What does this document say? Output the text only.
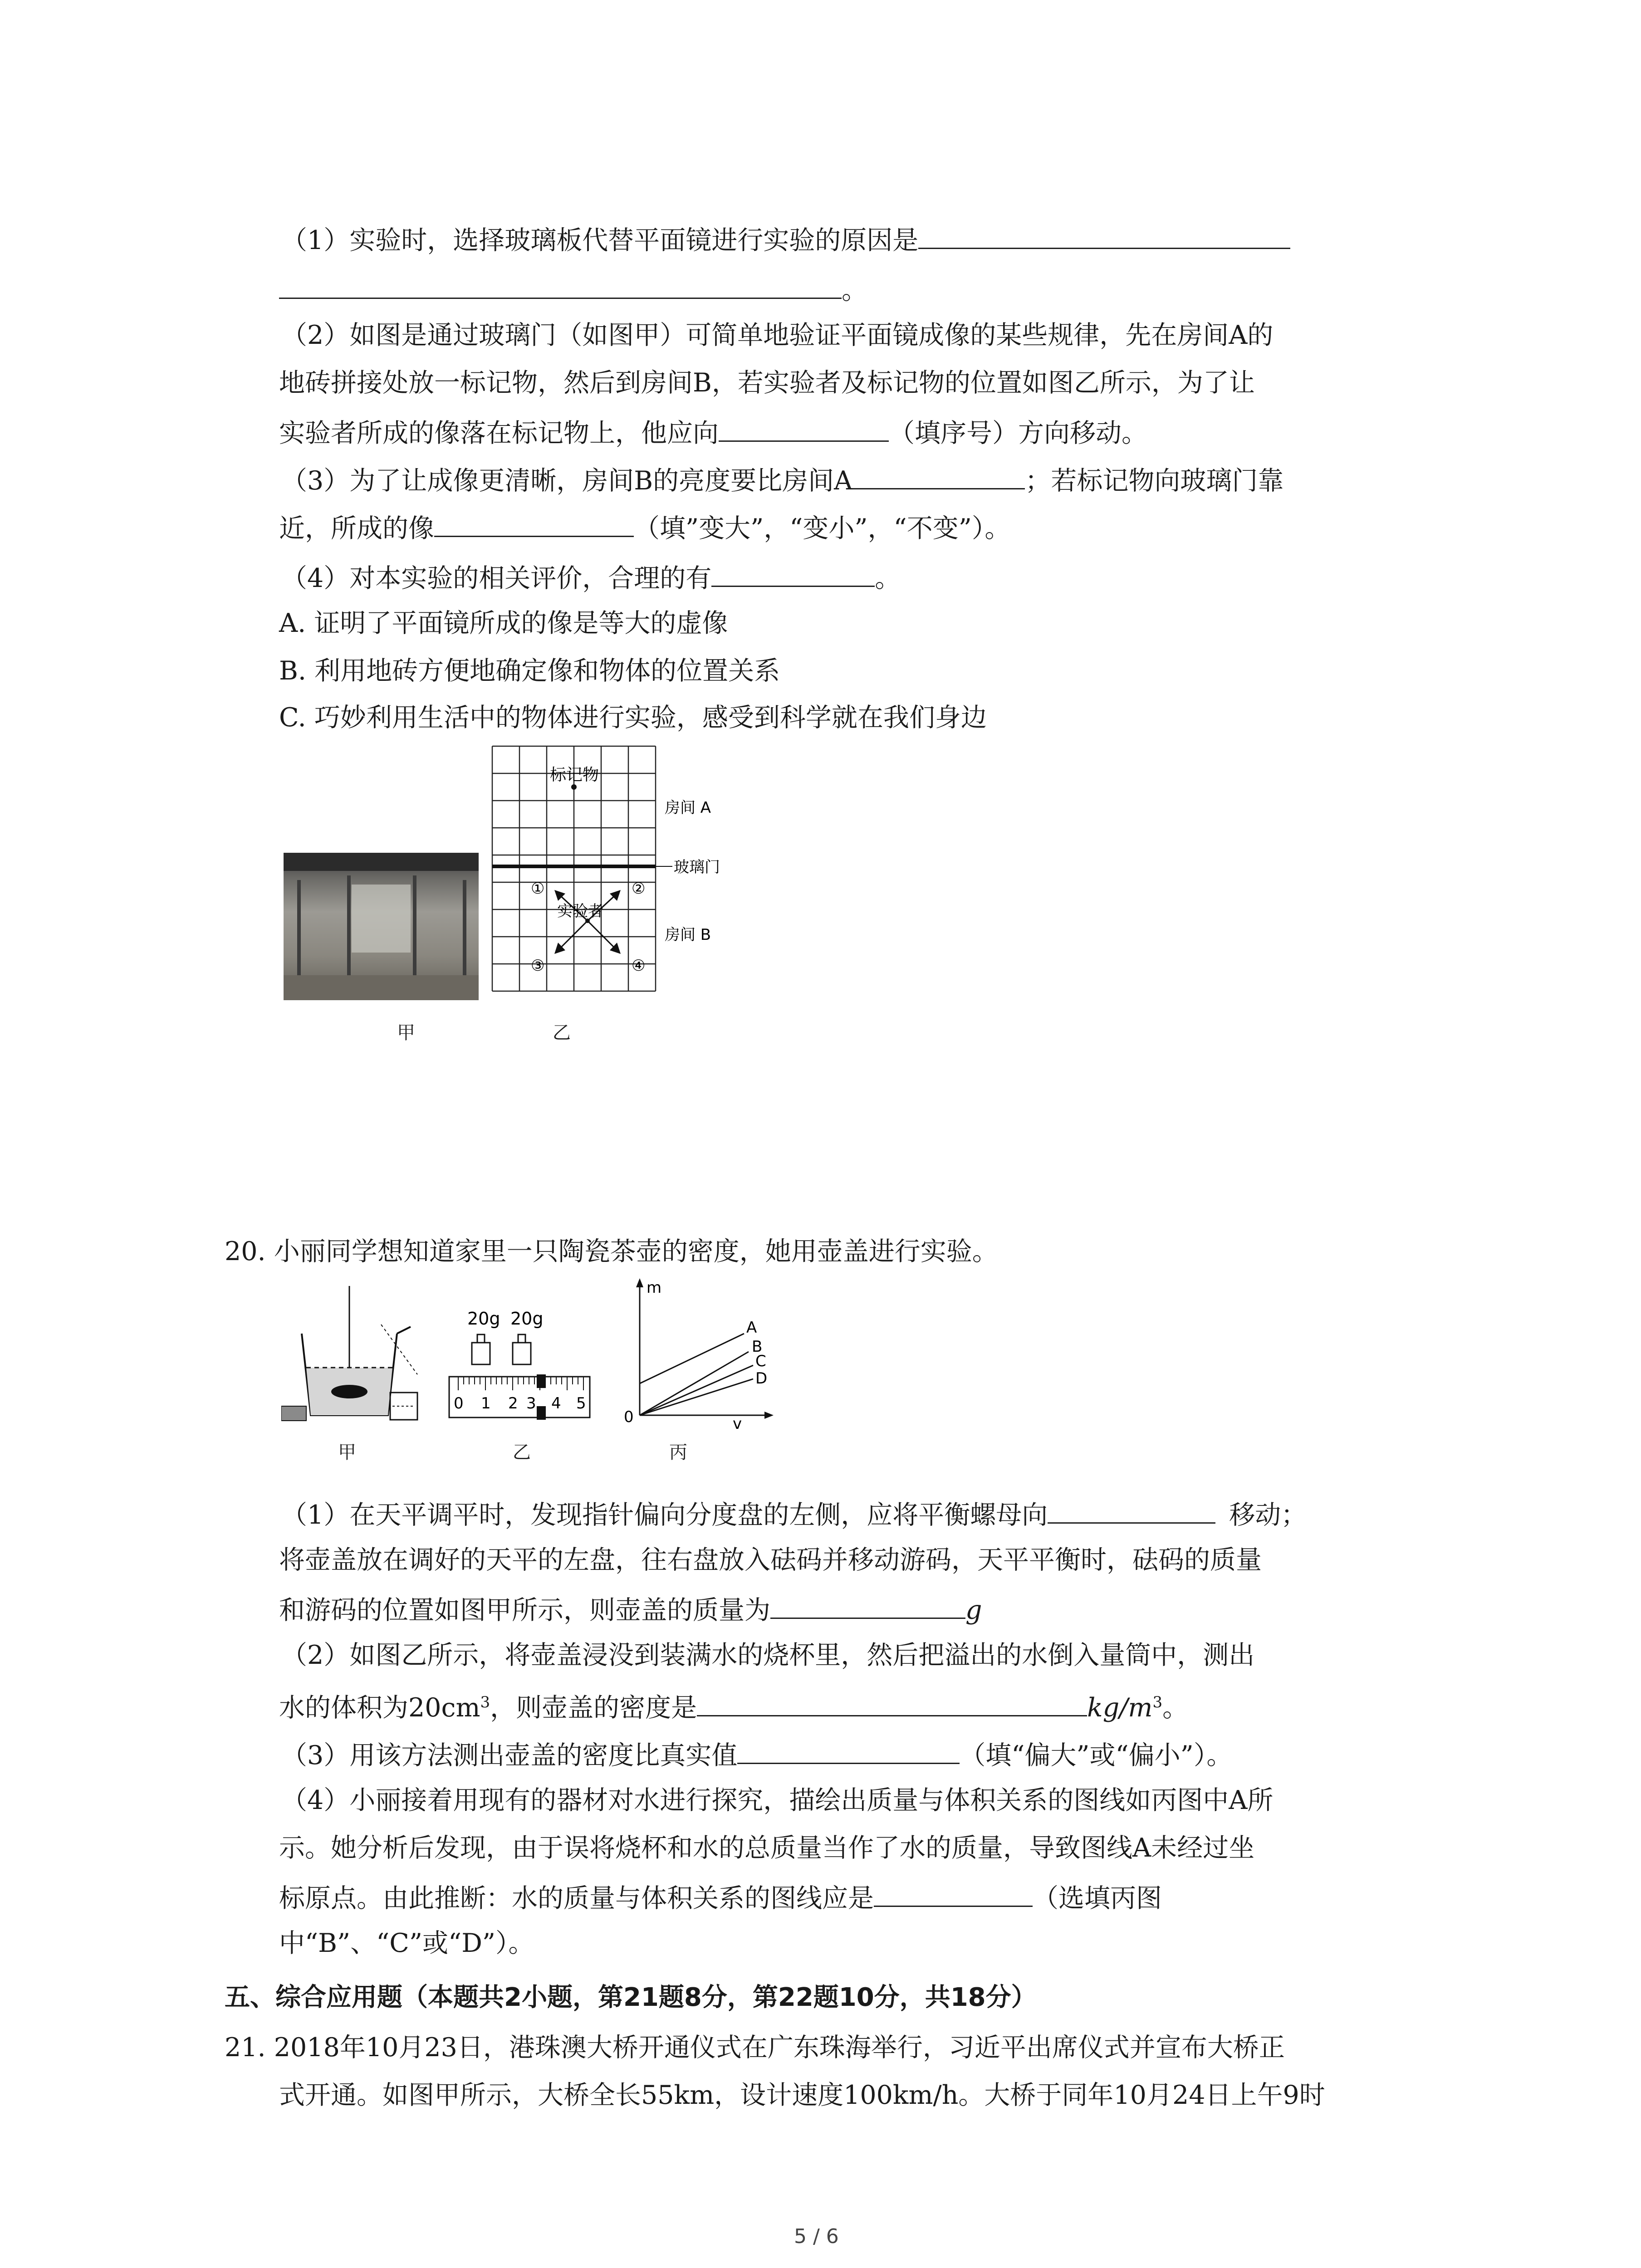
（1）实验时，选择玻璃板代替平面镜进行实验的原因是
。
（2）如图是通过玻璃门（如图甲）可简单地验证平面镜成像的某些规律，先在房间A的
地砖拼接处放一标记物，然后到房间B，若实验者及标记物的位置如图乙所示，为了让
实验者所成的像落在标记物上，他应向	（填序号）方向移动。
（3）为了让成像更清晰，房间B的亮度要比房间A	；若标记物向玻璃门靠
近，所成的像	（填”变大”，“变小”，“不变”）。
（4）对本实验的相关评价，合理的有	。
A. 证明了平面镜所成的像是等大的虚像
B. 利用地砖方便地确定像和物体的位置关系
C. 巧妙利用生活中的物体进行实验，感受到科学就在我们身边
甲
标记物
房间 A
玻璃门
房间 B
实验者
①	②
③	④
乙
20. 小丽同学想知道家里一只陶瓷茶壶的密度，她用壶盖进行实验。
甲
20g 20g
0 1 2 3 4 5
乙
m
v
0
A
B
C
D
丙
（1）在天平调平时，发现指针偏向分度盘的左侧，应将平衡螺母向	移动；
将壶盖放在调好的天平的左盘，往右盘放入砝码并移动游码，天平平衡时，砝码的质量
和游码的位置如图甲所示，则壶盖的质量为	g
（2）如图乙所示，将壶盖浸没到装满水的烧杯里，然后把溢出的水倒入量筒中，测出
水的体积为$20cm^3$，则壶盖的密度是	$kg/m^3$。
（3）用该方法测出壶盖的密度比真实值	（填“偏大”或“偏小”）。
（4）小丽接着用现有的器材对水进行探究，描绘出质量与体积关系的图线如丙图中A所
示。她分析后发现，由于误将烧杯和水的总质量当作了水的质量，导致图线A未经过坐
标原点。由此推断：水的质量与体积关系的图线应是	（选填丙图
中“B”、“C”或“D”）。
五、综合应用题（本题共2小题，第21题8分，第22题10分，共18分）
21. 2018年10月23日，港珠澳大桥开通仪式在广东珠海举行，习近平出席仪式并宣布大桥正
式开通。如图甲所示，大桥全长55km，设计速度100km/h。大桥于同年10月24日上午9时
5 / 6
